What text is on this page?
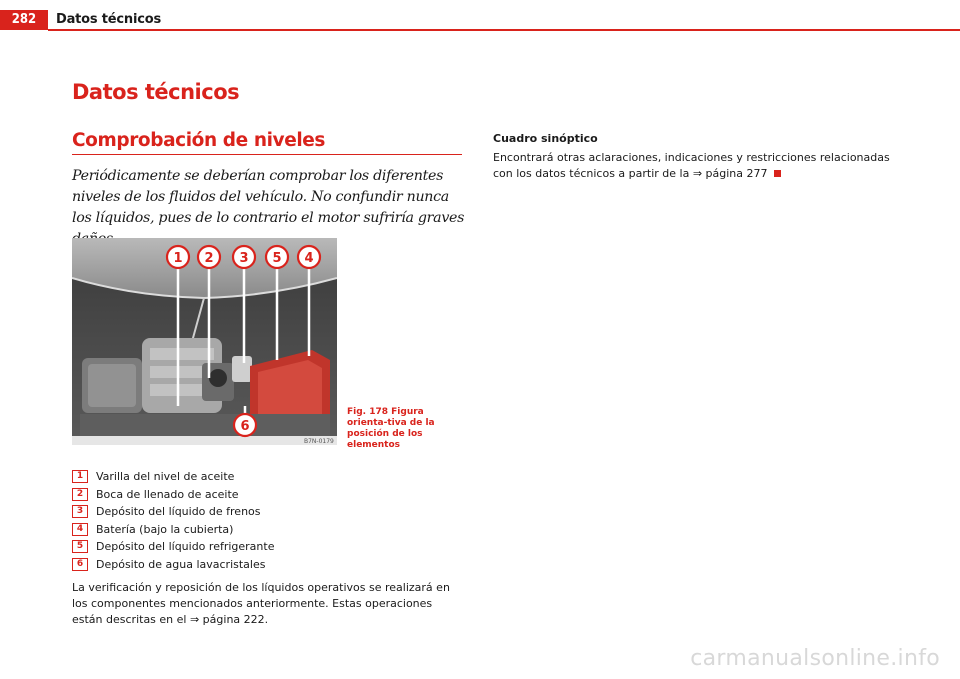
282	Datos técnicos
Datos técnicos
Comprobación de niveles
Periódicamente se deberían comprobar los diferentes niveles de los fluidos del vehículo. No confundir nunca los líquidos, pues de lo contrario el motor sufriría graves
B7N-0179
1 2 3 5 4
6
Fig. 178 Figura orienta-tiva de la posición de los elementos
1	Varilla del nivel de aceite
2	Boca de llenado de aceite
3	Depósito del líquido de frenos
4	Batería (bajo la cubierta)
5	Depósito del líquido refrigerante
6	Depósito de agua lavacristales
La verificación y reposición de los líquidos operativos se realizará en los componentes mencionados anteriormente. Estas operaciones están descritas en el ⇒ página 222.
Cuadro sinóptico
Encontrará otras aclaraciones, indicaciones y restricciones relacionadas con los datos técnicos a partir de la ⇒ página 277
carmanualsonline.info
